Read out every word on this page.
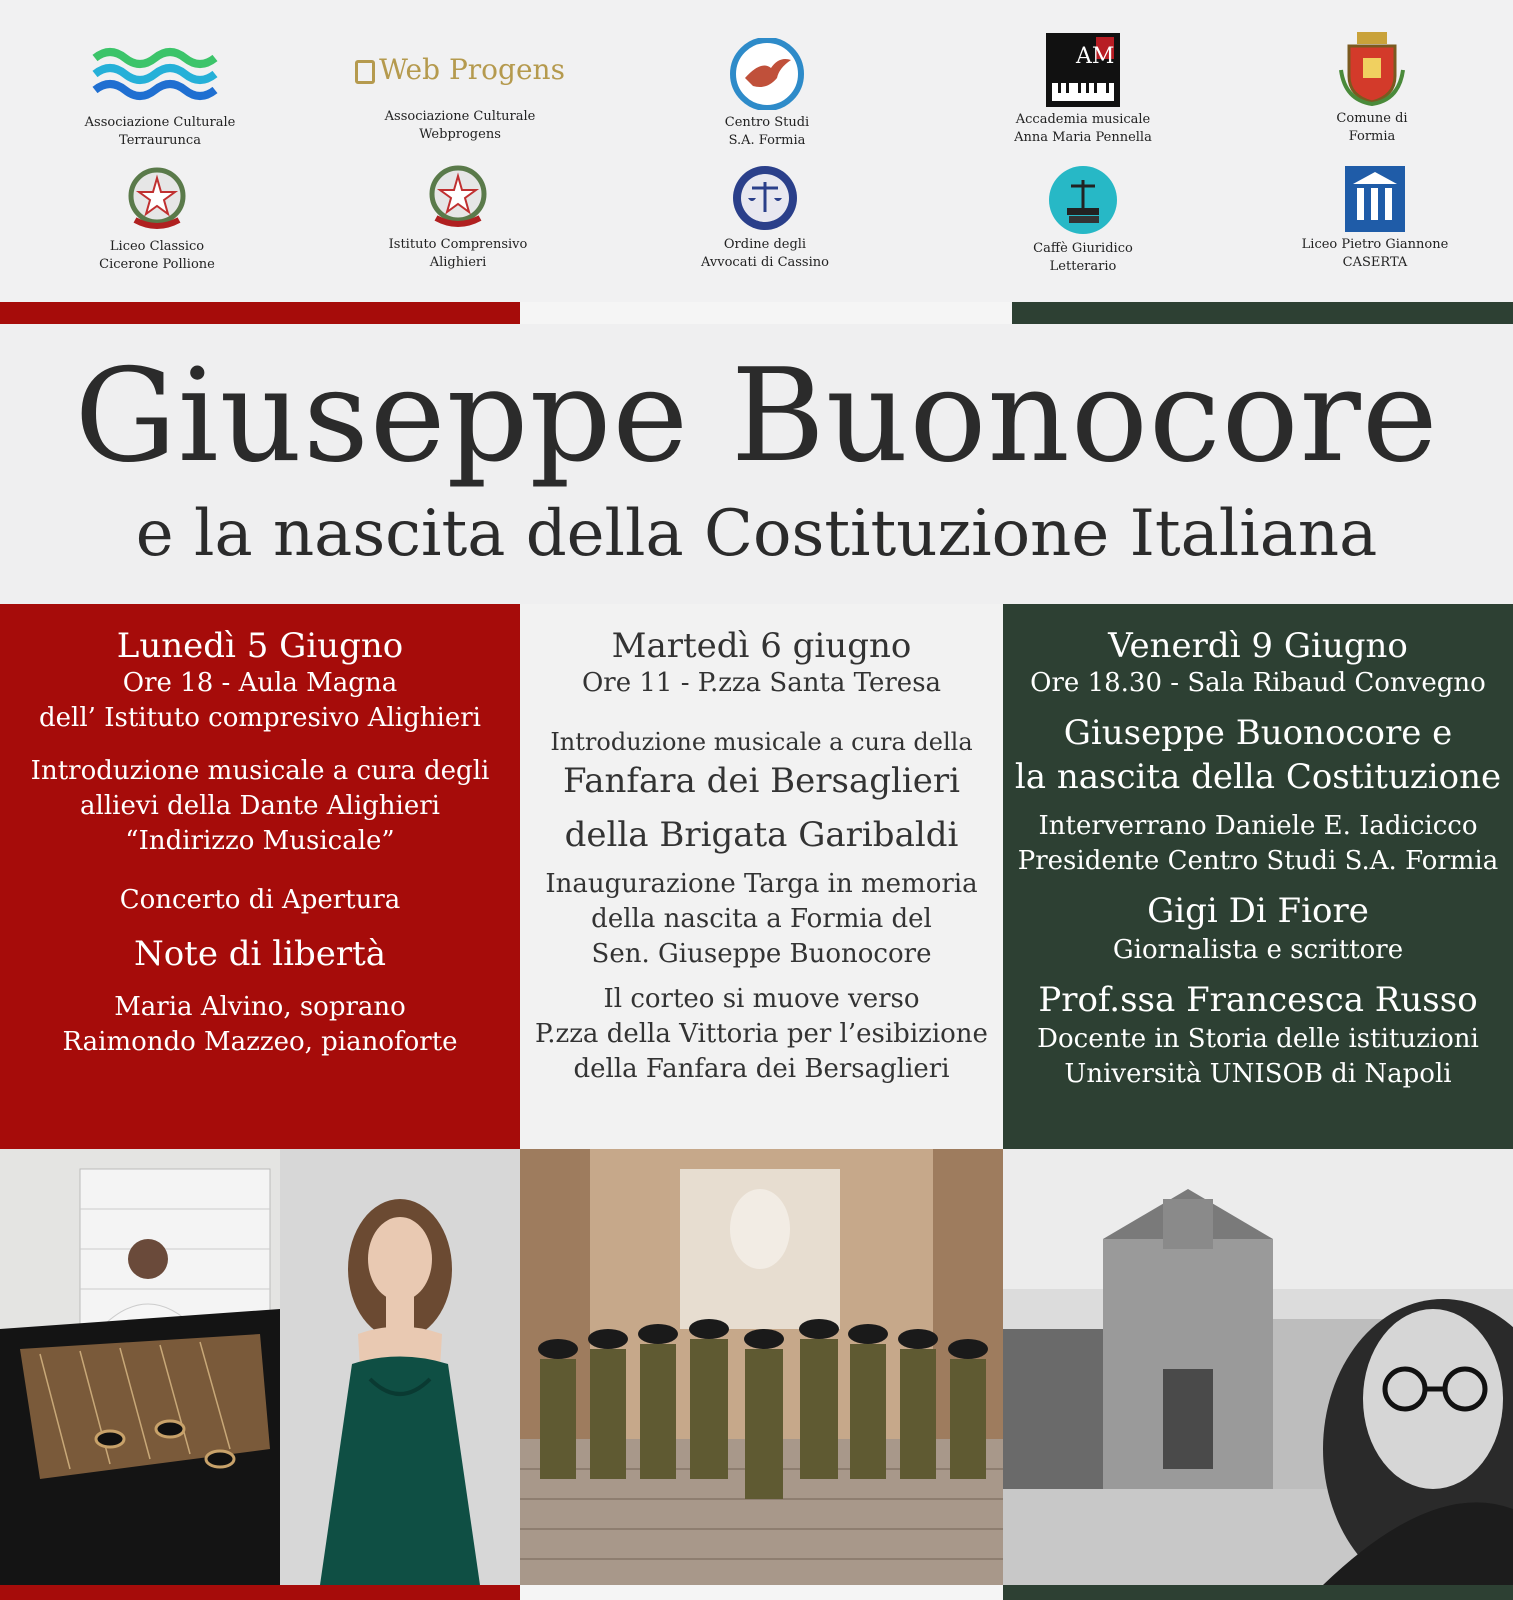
Associazione Culturale
Terraurunca
Web Progens
Associazione Culturale
Webprogens
Centro Studi
S.A. Formia
AM
Accademia musicale
Anna Maria Pennella
Comune di
Formia
Liceo Classico
Cicerone Pollione
Istituto Comprensivo
Alighieri
Ordine degli
Avvocati di Cassino
Caffè Giuridico
Letterario
Liceo Pietro Giannone
CASERTA
Giuseppe Buonocore
e la nascita della Costituzione Italiana

Lunedì 5 Giugno

Ore 18 - Aula Magna

dell’ Istituto compresivo Alighieri

Introduzione musicale a cura degli

allievi della Dante Alighieri

“Indirizzo Musicale”

Concerto di Apertura

Note di libertà

Maria Alvino, soprano

Raimondo Mazzeo, pianoforte

Martedì 6 giugno

Ore 11 - P.zza Santa Teresa

Introduzione musicale a cura della

Fanfara dei Bersaglieri

della Brigata Garibaldi

Inaugurazione Targa in memoria

della nascita a Formia del

Sen. Giuseppe Buonocore

Il corteo si muove verso

P.zza della Vittoria per l’esibizione

della Fanfara dei Bersaglieri

Venerdì 9 Giugno

Ore 18.30 - Sala Ribaud Convegno

Giuseppe Buonocore e

la nascita della Costituzione

Interverrano Daniele E. Iadicicco

Presidente Centro Studi S.A. Formia

Gigi Di Fiore

Giornalista e scrittore

Prof.ssa Francesca Russo

Docente in Storia delle istituzioni

Università UNISOB di Napoli
